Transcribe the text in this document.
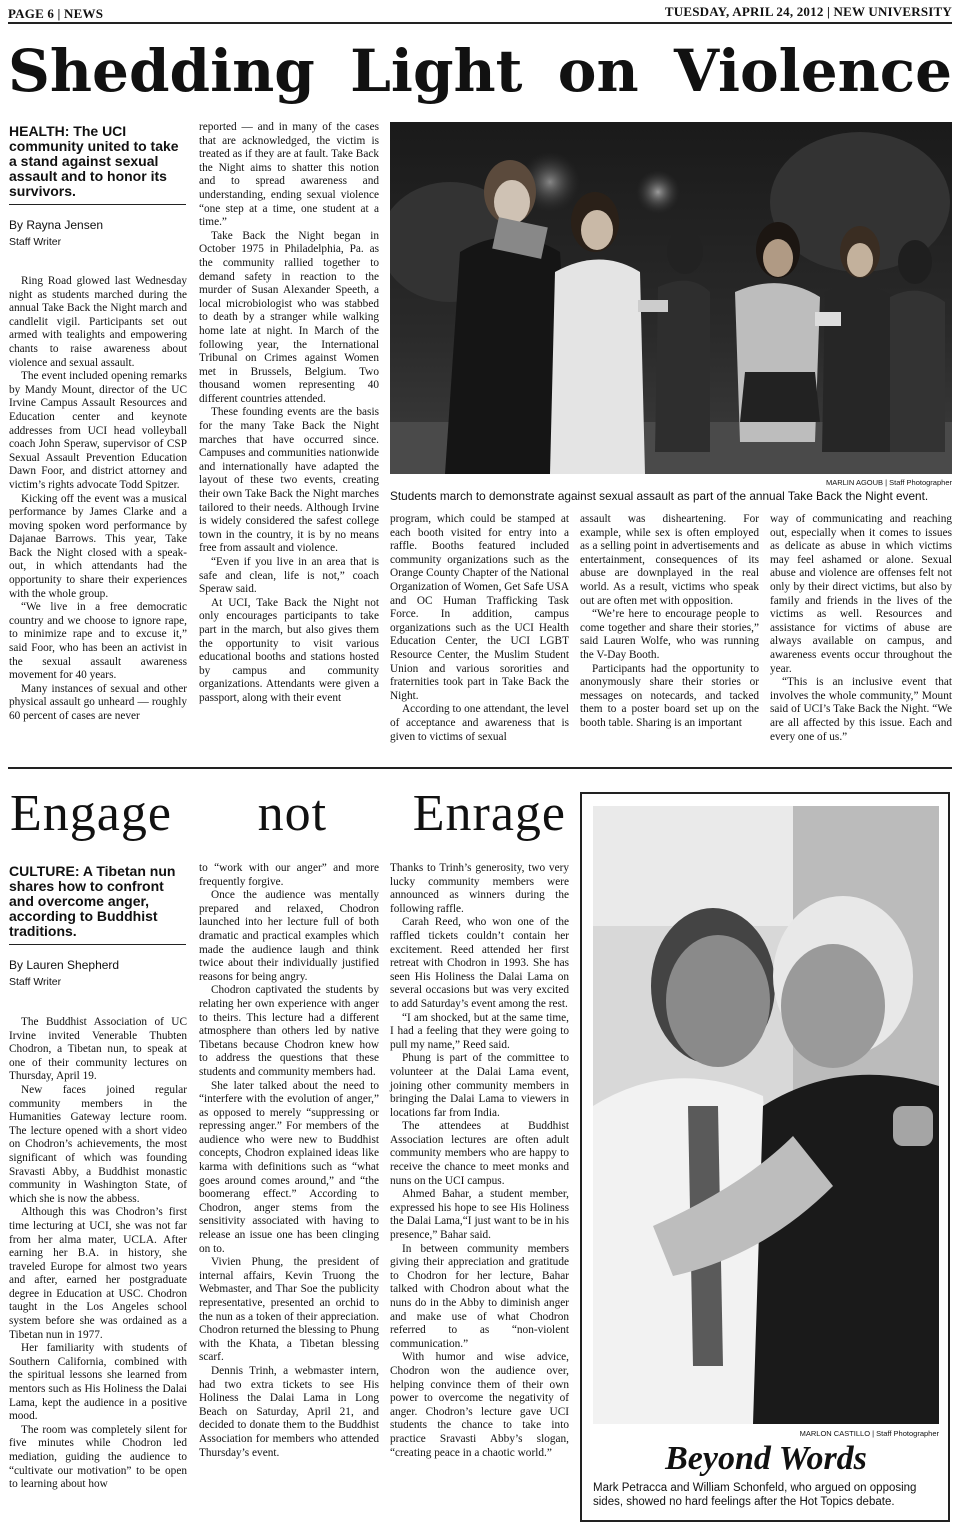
PAGE 6 | NEWS	TUESDAY, APRIL 24, 2012 | NEW UNIVERSITY
Shedding Light on Violence
HEALTH: The UCI community united to take a stand against sexual assault and to honor its survivors.
By Rayna Jensen
Staff Writer

Ring Road glowed last Wednesday night as students marched during the annual Take Back the Night march and candlelit vigil. Participants set out armed with tealights and empowering chants to raise awareness about violence and sexual assault.

The event included opening remarks by Mandy Mount, director of the UC Irvine Campus Assault Resources and Education center and keynote addresses from UCI head volleyball coach John Speraw, supervisor of CSP Sexual Assault Prevention Education Dawn Foor, and district attorney and victim’s rights advocate Todd Spitzer.

Kicking off the event was a musical performance by James Clarke and a moving spoken word performance by Dajanae Barrows. This year, Take Back the Night closed with a speak-out, in which attendants had the opportunity to share their experiences with the whole group.

“We live in a free democratic country and we choose to ignore rape, to minimize rape and to excuse it,” said Foor, who has been an activist in the sexual assault awareness movement for 40 years.

Many instances of sexual and other physical assault go unheard — roughly 60 percent of cases are never

reported — and in many of the cases that are acknowledged, the victim is treated as if they are at fault. Take Back the Night aims to shatter this notion and to spread awareness and understanding, ending sexual violence “one step at a time, one student at a time.”

Take Back the Night began in October 1975 in Philadelphia, Pa. as the community rallied together to demand safety in reaction to the murder of Susan Alexander Speeth, a local microbiologist who was stabbed to death by a stranger while walking home late at night. In March of the following year, the International Tribunal on Crimes against Women met in Brussels, Belgium. Two thousand women representing 40 different countries attended.

These founding events are the basis for the many Take Back the Night marches that have occurred since. Campuses and communities nationwide and internationally have adapted the layout of these two events, creating their own Take Back the Night marches tailored to their needs. Although Irvine is widely considered the safest college town in the country, it is by no means free from assault and violence.

“Even if you live in an area that is safe and clean, life is not,” coach Speraw said.

At UCI, Take Back the Night not only encourages participants to take part in the march, but also gives them the opportunity to visit various educational booths and stations hosted by campus and community organizations. Attendants were given a passport, along with their event

MARLIN AGOUB | Staff Photographer
Students march to demonstrate against sexual assault as part of the annual Take Back the Night event.

program, which could be stamped at each booth visited for entry into a raffle. Booths featured included community organizations such as the Orange County Chapter of the National Organization of Women, Get Safe USA and OC Human Trafficking Task Force. In addition, campus organizations such as the UCI Health Education Center, the UCI LGBT Resource Center, the Muslim Student Union and various sororities and fraternities took part in Take Back the Night.

According to one attendant, the level of acceptance and awareness that is given to victims of sexual

assault was disheartening. For example, while sex is often employed as a selling point in advertisements and entertainment, consequences of its abuse are downplayed in the real world. As a result, victims who speak out are often met with opposition.

“We’re here to encourage people to come together and share their stories,” said Lauren Wolfe, who was running the V-Day Booth.

Participants had the opportunity to anonymously share their stories or messages on notecards, and tacked them to a poster board set up on the booth table. Sharing is an important

way of communicating and reaching out, especially when it comes to issues as delicate as abuse in which victims may feel ashamed or alone. Sexual abuse and violence are offenses felt not only by their direct victims, but also by family and friends in the lives of the victims as well. Resources and assistance for victims of abuse are always available on campus, and awareness events occur throughout the year.

“This is an inclusive event that involves the whole community,” Mount said of UCI’s Take Back the Night. “We are all affected by this issue. Each and every one of us.”

Engage not Enrage
CULTURE: A Tibetan nun shares how to confront and overcome anger, according to Buddhist traditions.
By Lauren Shepherd
Staff Writer

The Buddhist Association of UC Irvine invited Venerable Thubten Chodron, a Tibetan nun, to speak at one of their community lectures on Thursday, April 19.

New faces joined regular community members in the Humanities Gateway lecture room. The lecture opened with a short video on Chodron’s achievements, the most significant of which was founding Sravasti Abby, a Buddhist monastic community in Washington State, of which she is now the abbess.

Although this was Chodron’s first time lecturing at UCI, she was not far from her alma mater, UCLA. After earning her B.A. in history, she traveled Europe for almost two years and after, earned her postgraduate degree in Education at USC. Chodron taught in the Los Angeles school system before she was ordained as a Tibetan nun in 1977.

Her familiarity with students of Southern California, combined with the spiritual lessons she learned from mentors such as His Holiness the Dalai Lama, kept the audience in a positive mood.

The room was completely silent for five minutes while Chodron led mediation, guiding the audience to “cultivate our motivation” to be open to learning about how

to “work with our anger” and more frequently forgive.

Once the audience was mentally prepared and relaxed, Chodron launched into her lecture full of both dramatic and practical examples which made the audience laugh and think twice about their individually justified reasons for being angry.

Chodron captivated the students by relating her own experience with anger to theirs. This lecture had a different atmosphere than others led by native Tibetans because Chodron knew how to address the questions that these students and community members had.

She later talked about the need to “interfere with the evolution of anger,” as opposed to merely “suppressing or repressing anger.” For members of the audience who were new to Buddhist concepts, Chodron explained ideas like karma with definitions such as “what goes around comes around,” and “the boomerang effect.” According to Chodron, anger stems from the sensitivity associated with having to release an issue one has been clinging on to.

Vivien Phung, the president of internal affairs, Kevin Truong the Webmaster, and Thar Soe the publicity representative, presented an orchid to the nun as a token of their appreciation. Chodron returned the blessing to Phung with the Khata, a Tibetan blessing scarf.

Dennis Trinh, a webmaster intern, had two extra tickets to see His Holiness the Dalai Lama in Long Beach on Saturday, April 21, and decided to donate them to the Buddhist Association for members who attended Thursday’s event.

Thanks to Trinh’s generosity, two very lucky community members were announced as winners during the following raffle.

Carah Reed, who won one of the raffled tickets couldn’t contain her excitement. Reed attended her first retreat with Chodron in 1993. She has seen His Holiness the Dalai Lama on several occasions but was very excited to add Saturday’s event among the rest.

“I am shocked, but at the same time, I had a feeling that they were going to pull my name,” Reed said.

Phung is part of the committee to volunteer at the Dalai Lama event, joining other community members in bringing the Dalai Lama to viewers in locations far from India.

The attendees at Buddhist Association lectures are often adult community members who are happy to receive the chance to meet monks and nuns on the UCI campus.

Ahmed Bahar, a student member, expressed his hope to see His Holiness the Dalai Lama,“I just want to be in his presence,” Bahar said.

In between community members giving their appreciation and gratitude to Chodron for her lecture, Bahar talked with Chodron about what the nuns do in the Abby to diminish anger and make use of what Chodron referred to as “non-violent communication.”

With humor and wise advice, Chodron won the audience over, helping convince them of their own power to overcome the negativity of anger. Chodron’s lecture gave UCI students the chance to take into practice Sravasti Abby’s slogan, “creating peace in a chaotic world.”

MARLON CASTILLO | Staff Photographer
Beyond Words
Mark Petracca and William Schonfeld, who argued on opposing sides, showed no hard feelings after the Hot Topics debate.
